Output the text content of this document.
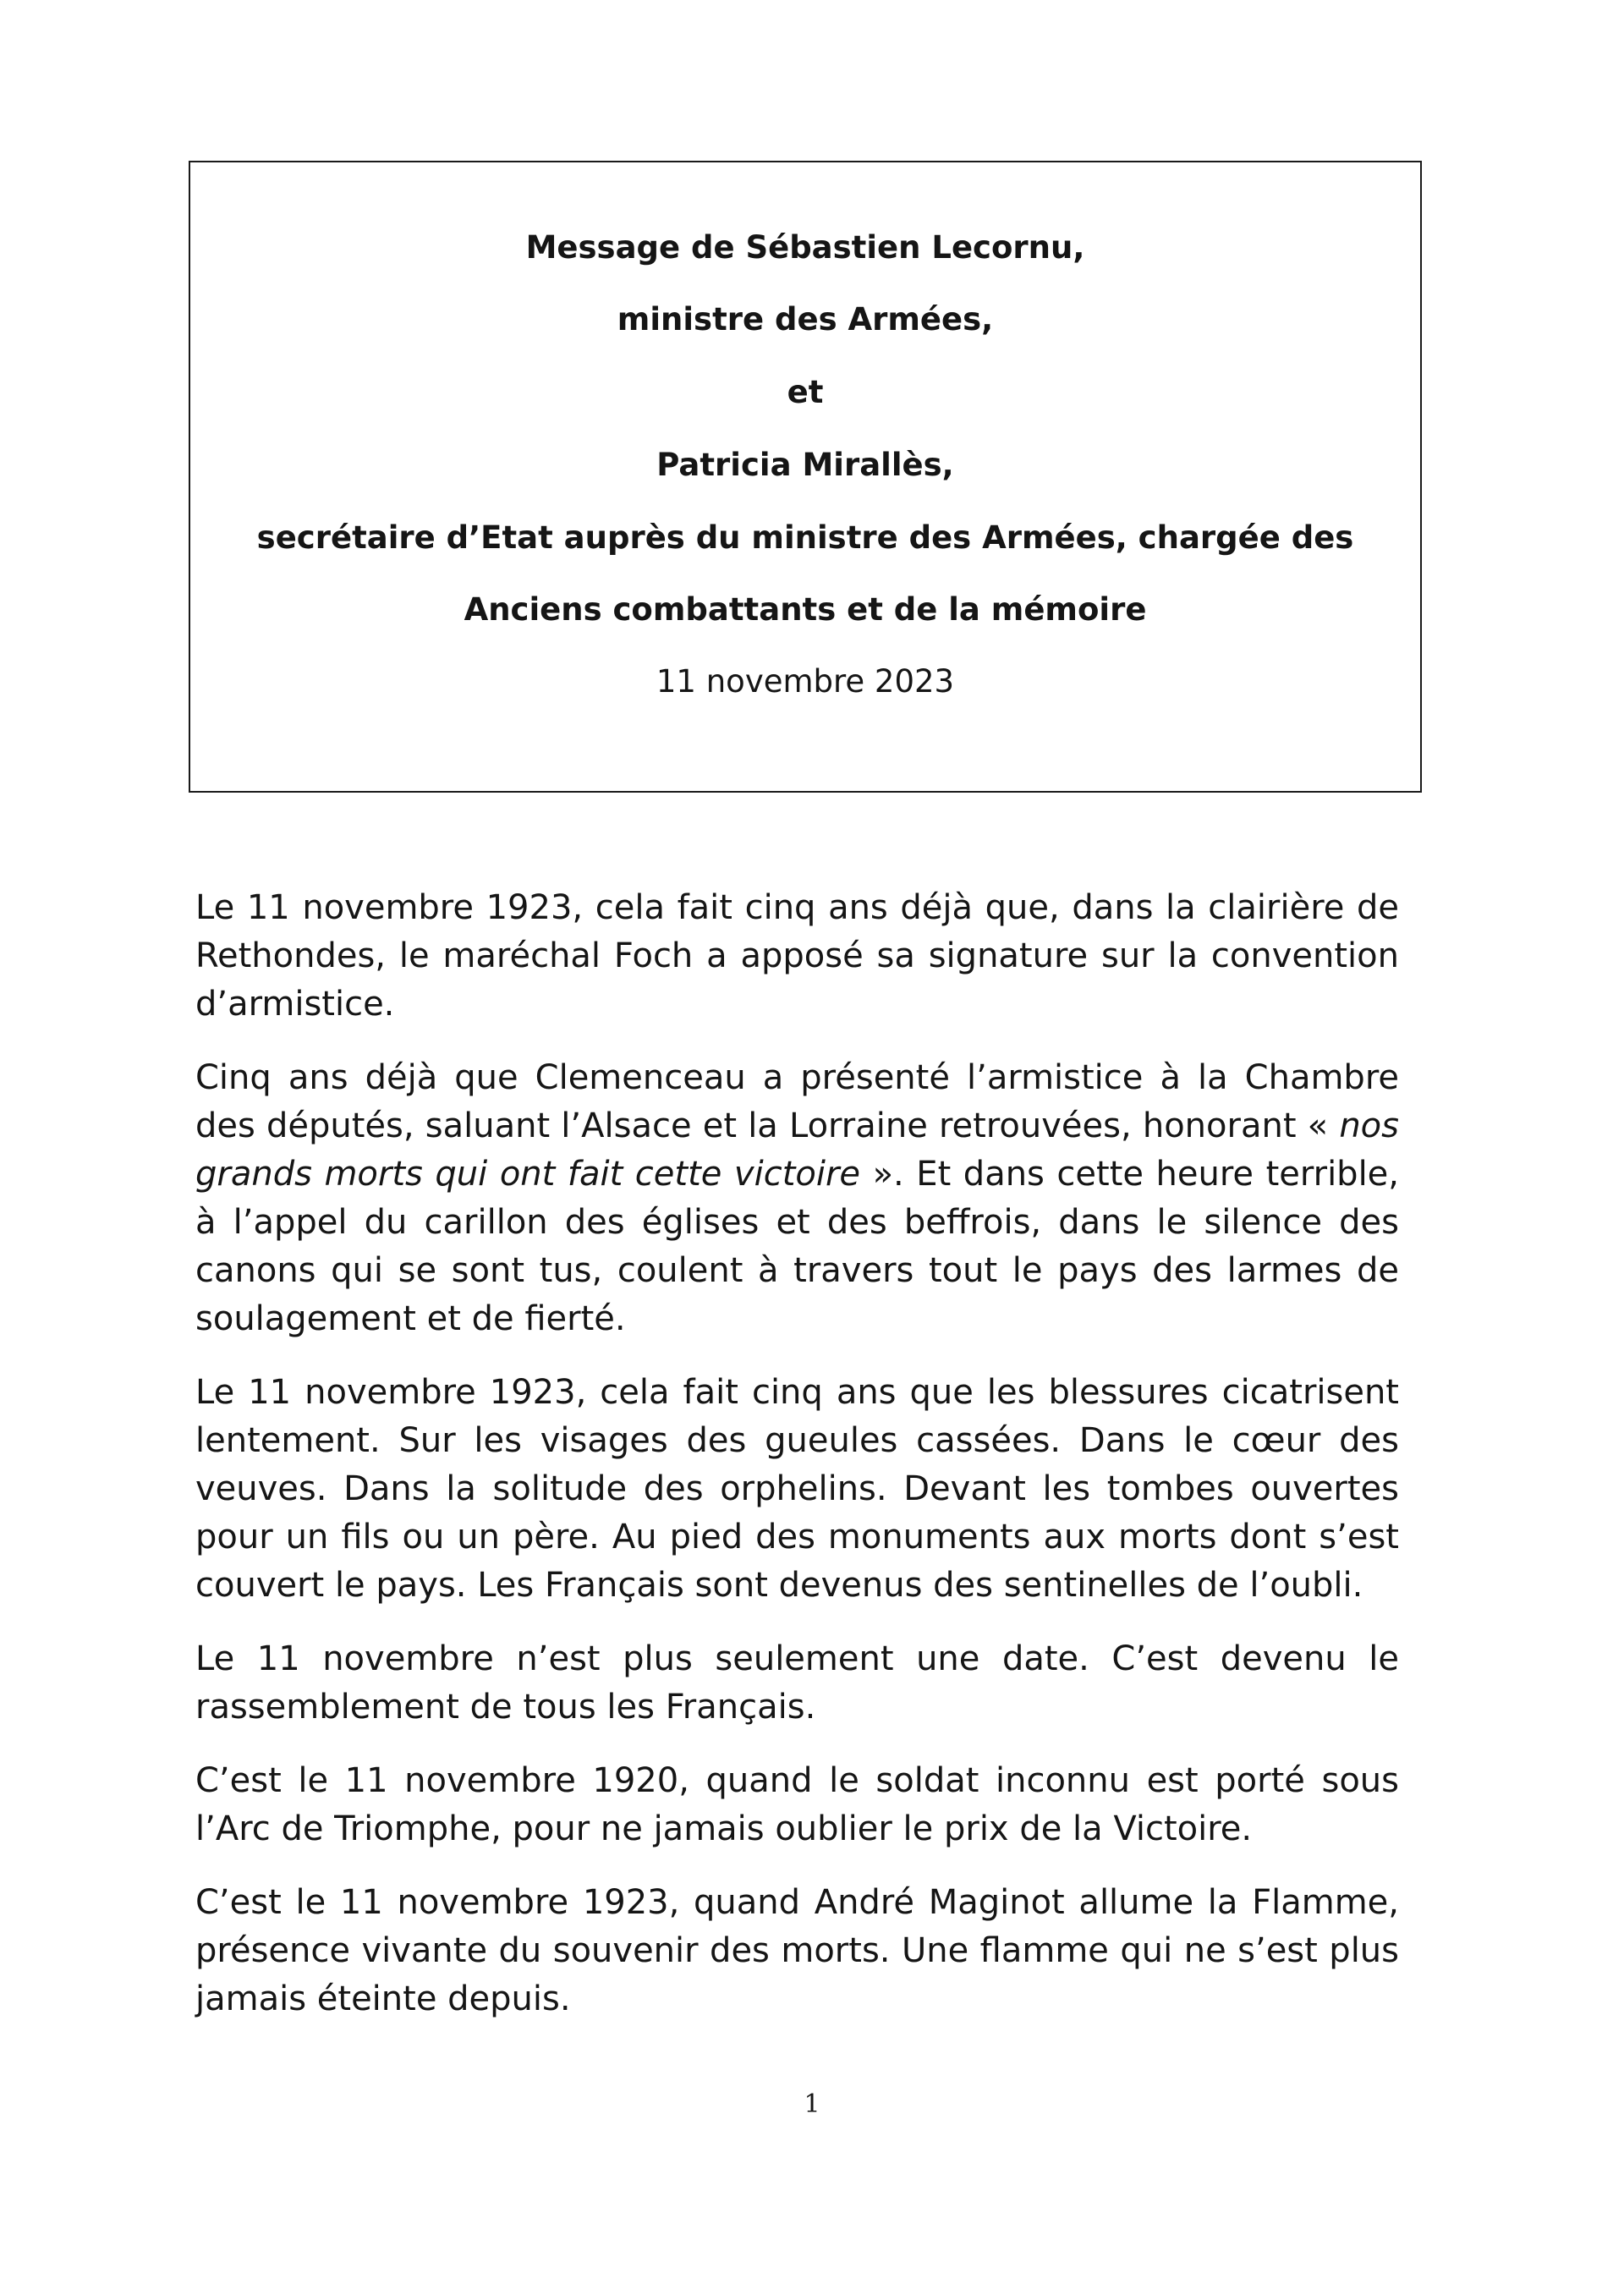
Message de Sébastien Lecornu,
ministre des Armées,
et
Patricia Mirallès,
secrétaire d’Etat auprès du ministre des Armées, chargée des
Anciens combattants et de la mémoire
11 novembre 2023

Le 11 novembre 1923, cela fait cinq ans déjà que, dans la clairière de Rethondes, le maréchal Foch a apposé sa signature sur la convention d’armistice.

Cinq ans déjà que Clemenceau a présenté l’armistice à la Chambre des députés, saluant l’Alsace et la Lorraine retrouvées, honorant « nos grands morts qui ont fait cette victoire ». Et dans cette heure terrible, à l’appel du carillon des églises et des beffrois, dans le silence des canons qui se sont tus, coulent à travers tout le pays des larmes de soulagement et de fierté.

Le 11 novembre 1923, cela fait cinq ans que les blessures cicatrisent lentement. Sur les visages des gueules cassées. Dans le cœur des veuves. Dans la solitude des orphelins. Devant les tombes ouvertes pour un fils ou un père. Au pied des monuments aux morts dont s’est couvert le pays. Les Français sont devenus des sentinelles de l’oubli.

Le 11 novembre n’est plus seulement une date. C’est devenu le rassemblement de tous les Français.

C’est le 11 novembre 1920, quand le soldat inconnu est porté sous l’Arc de Triomphe, pour ne jamais oublier le prix de la Victoire.

C’est le 11 novembre 1923, quand André Maginot allume la Flamme, présence vivante du souvenir des morts. Une flamme qui ne s’est plus jamais éteinte depuis.

1
